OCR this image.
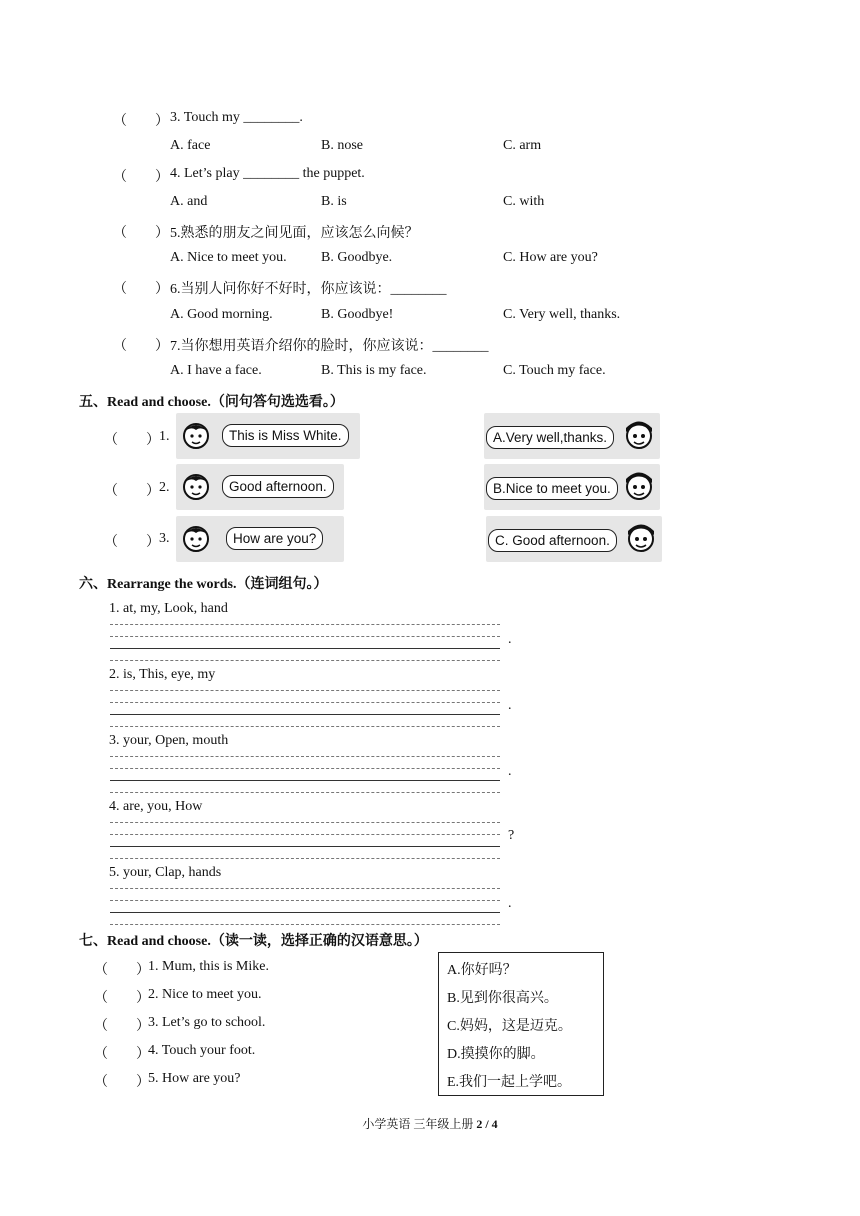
（　　） 3. Touch my ________.
A. face	B. nose	C. arm
（　　） 4. Let’s play ________ the puppet.
A. and	B. is	C. with
（　　） 5.熟悉的朋友之间见面，应该怎么向候？
A. Nice to meet you. B. Goodbye.	C. How are you?
（　　） 6.当别人问你好不好时，你应该说：________
A. Good morning.	B. Goodbye!	C. Very well, thanks.
（　　） 7.当你想用英语介绍你的脸时，你应该说：________
A. I have a face.	B. This is my face.	C. Touch my face.
五、Read and choose.（问句答句选选看。）
（　　） 1.	This is Miss White.	A.Very well,thanks.
（　　） 2.	Good afternoon.	B.Nice to meet you.
（　　） 3.	How are you?	C. Good afternoon.
六、Rearrange the words.（连词组句。）
1. at, my, Look, hand
.
2. is, This, eye, my
.
3. your, Open, mouth
.
4. are, you, How
?
5. your, Clap, hands
.
七、Read and choose.（读一读，选择正确的汉语意思。）
（　　）
1. Mum, this is Mike.
（　　）
2. Nice to meet you.
（　　）
3. Let’s go to school.
（　　）
4. Touch your foot.
（　　）
5. How are you?
A.你好吗？
B.见到你很高兴。
C.妈妈，这是迈克。
D.摸摸你的脚。
E.我们一起上学吧。
小学英语 三年级上册 2 / 4
